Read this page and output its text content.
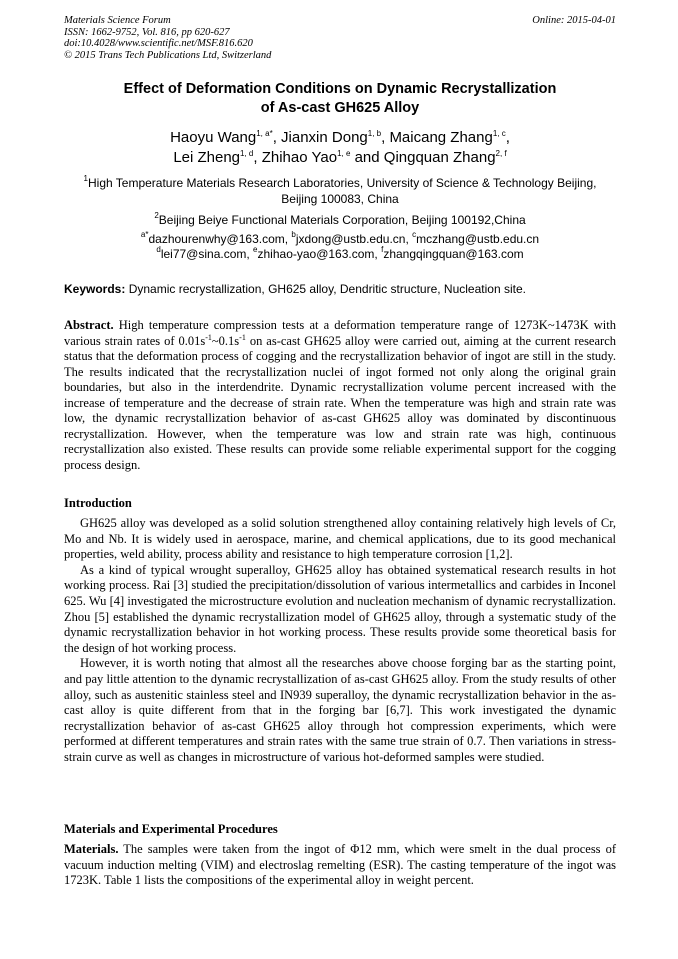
Materials Science Forum
ISSN: 1662-9752, Vol. 816, pp 620-627
doi:10.4028/www.scientific.net/MSF.816.620
© 2015 Trans Tech Publications Ltd, Switzerland
Online: 2015-04-01
Effect of Deformation Conditions on Dynamic Recrystallization
of As-cast GH625 Alloy
Haoyu Wang$^{1, a*}$, Jianxin Dong$^{1, b}$, Maicang Zhang$^{1, c}$,
Lei Zheng$^{1, d}$, Zhihao Yao$^{1, e}$ and Qingquan Zhang$^{2, f}$
$^1$High Temperature Materials Research Laboratories, University of Science & Technology Beijing,
Beijing 100083, China
$^2$Beijing Beiye Functional Materials Corporation, Beijing 100192,China
$^{a*}$dazhourenwhy@163.com, $^b$jxdong@ustb.edu.cn, $^c$mczhang@ustb.edu.cn
$^d$lei77@sina.com, $^e$zhihao-yao@163.com, $^f$zhangqingquan@163.com
Keywords: Dynamic recrystallization, GH625 alloy, Dendritic structure, Nucleation site.
Abstract. High temperature compression tests at a deformation temperature range of 1273K~1473K with various strain rates of $0.01s^{-1}\sim 0.1s^{-1}$ on as-cast GH625 alloy were carried out, aiming at the current research status that the deformation process of cogging and the recrystallization behavior of ingot are still in the study. The results indicated that the recrystallization nuclei of ingot formed not only along the original grain boundaries, but also in the interdendrite. Dynamic recrystallization volume percent increased with the increase of temperature and the decrease of strain rate. When the temperature was high and strain rate was low, the dynamic recrystallization behavior of as-cast GH625 alloy was dominated by discontinuous recrystallization. However, when the temperature was low and strain rate was high, continuous recrystallization also existed. These results can provide some reliable experimental support for the cogging process design.
Introduction

GH625 alloy was developed as a solid solution strengthened alloy containing relatively high levels of Cr, Mo and Nb. It is widely used in aerospace, marine, and chemical applications, due to its good mechanical properties, weld ability, process ability and resistance to high temperature corrosion [1,2].

As a kind of typical wrought superalloy, GH625 alloy has obtained systematical research results in hot working process. Rai [3] studied the precipitation/dissolution of various intermetallics and carbides in Inconel 625. Wu [4] investigated the microstructure evolution and nucleation mechanism of dynamic recrystallization. Zhou [5] established the dynamic recrystallization model of GH625 alloy, through a systematic study of the dynamic recrystallization behavior in hot working process. These results provide some theoretical basis for the design of hot working process.

However, it is worth noting that almost all the researches above choose forging bar as the starting point, and pay little attention to the dynamic recrystallization of as-cast GH625 alloy. From the study results of other alloy, such as austenitic stainless steel and IN939 superalloy, the dynamic recrystallization behavior in the as-cast alloy is quite different from that in the forging bar [6,7]. This work investigated the dynamic recrystallization behavior of as-cast GH625 alloy through hot compression experiments, which were performed at different temperatures and strain rates with the same true strain of 0.7. Then variations in stress-strain curve as well as changes in microstructure of various hot-deformed samples were studied.

Materials and Experimental Procedures

Materials. The samples were taken from the ingot of Φ12 mm, which were smelt in the dual process of vacuum induction melting (VIM) and electroslag remelting (ESR). The casting temperature of the ingot was 1723K. Table 1 lists the compositions of the experimental alloy in weight percent.
